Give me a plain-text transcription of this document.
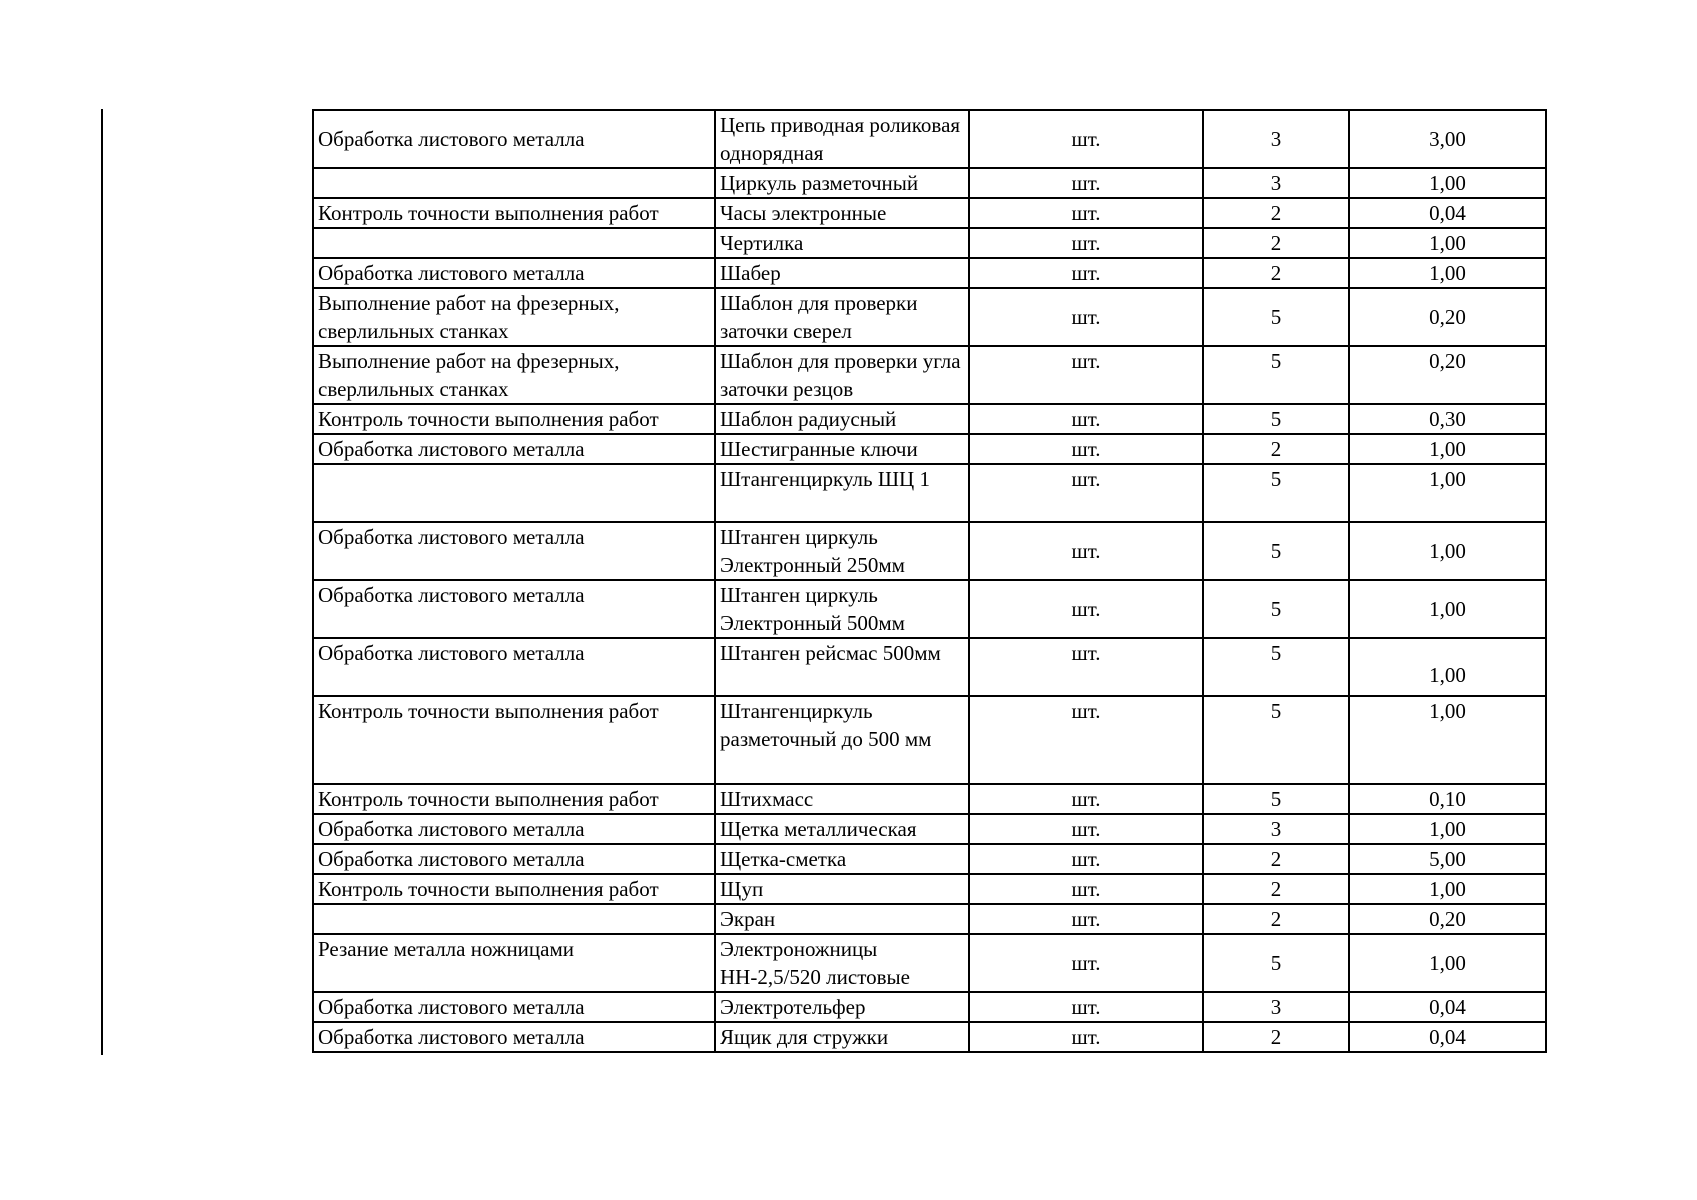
Обработка листового металла	Цепь приводная роликовая однорядная	шт.	3	3,00
	Циркуль разметочный	шт.	3	1,00
Контроль точности выполнения работ	Часы электронные	шт.	2	0,04
	Чертилка	шт.	2	1,00
Обработка листового металла	Шабер	шт.	2	1,00
Выполнение работ на фрезерных, сверлильных станках	Шаблон для проверки заточки сверел	шт.	5	0,20
Выполнение работ на фрезерных, сверлильных станках	Шаблон для проверки угла заточки резцов	шт.	5	0,20
Контроль точности выполнения работ	Шаблон радиусный	шт.	5	0,30
Обработка листового металла	Шестигранные ключи	шт.	2	1,00
	Штангенциркуль ШЦ 1	шт.	5	1,00
Обработка листового металла	Штанген циркуль Электронный 250мм	шт.	5	1,00
Обработка листового металла	Штанген циркуль Электронный 500мм	шт.	5	1,00
Обработка листового металла	Штанген рейсмас 500мм	шт.	5	1,00
Контроль точности выполнения работ	Штангенциркуль разметочный до 500 мм	шт.	5	1,00
Контроль точности выполнения работ	Штихмасс	шт.	5	0,10
Обработка листового металла	Щетка металлическая	шт.	3	1,00
Обработка листового металла	Щетка-сметка	шт.	2	5,00
Контроль точности выполнения работ	Щуп	шт.	2	1,00
	Экран	шт.	2	0,20
Резание металла ножницами	Электроножницы НН-2,5/520 листовые	шт.	5	1,00
Обработка листового металла	Электротельфер	шт.	3	0,04
Обработка листового металла	Ящик для стружки	шт.	2	0,04
